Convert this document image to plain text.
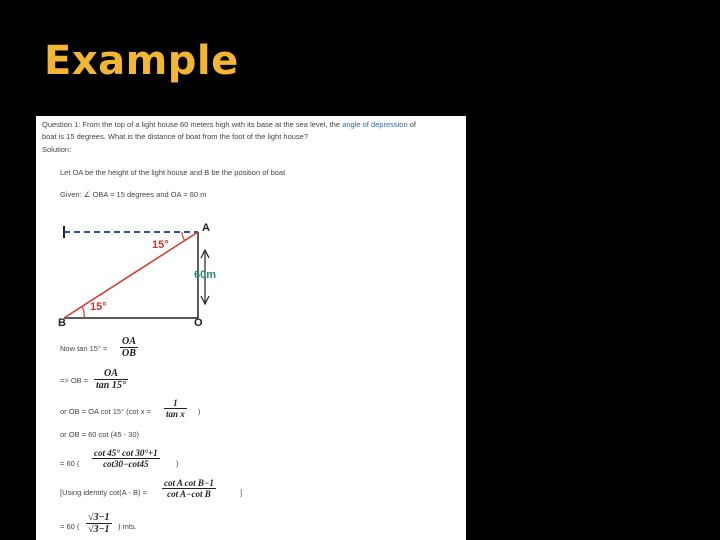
Example
Question 1: From the top of a light house 60 meters high with its base at the sea level, the angle of depression of
boat is 15 degrees. What is the distance of boat from the foot of the light house?
Solution:
Let OA be the height of the light house and B be the position of boat
Given: ∠ OBA = 15 degrees and OA = 60 m
A
B	O
60m
15°
15°
Now $\tan 15^\circ = \frac{OA}{OB}$
=> OB = $\frac{OA}{\tan 15^\circ}$
or OB = OA cot 15° (cot $x = \frac{1}{\text{tan x}}$ )
or OB = 60 cot (45 - 30)
= 60 ( $\frac{\cot 45^\circ \cot 30^\circ+1}{\cot 30-\cot 45}$ )
[Using identity $\cot(A - B) = \frac{\text{cot A cot B−1}}{\text{cot A−cot B}}$	]
= 60 ( $\frac{√3-1}{√3-1}$ ) mts.
